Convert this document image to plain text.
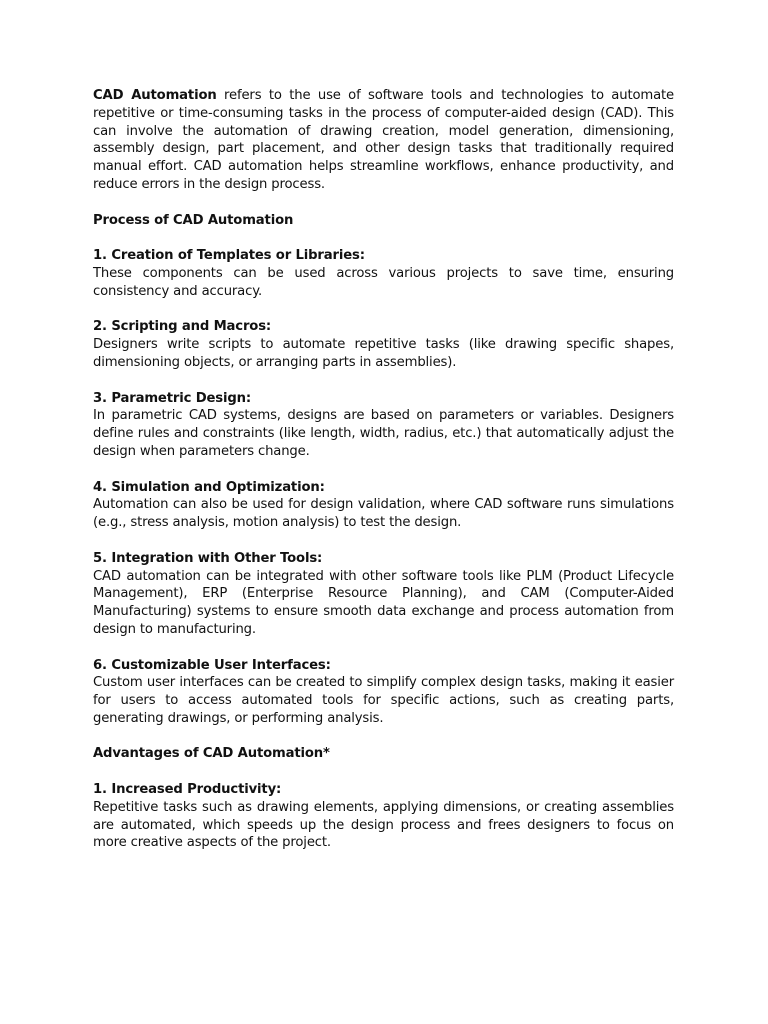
CAD Automation refers to the use of software tools and technologies to automate repetitive or time-consuming tasks in the process of computer-aided design (CAD). This can involve the automation of drawing creation, model generation, dimensioning, assembly design, part placement, and other design tasks that traditionally required manual effort. CAD automation helps streamline workflows, enhance productivity, and reduce errors in the design process.

Process of CAD Automation

1. Creation of Templates or Libraries:

These components can be used across various projects to save time, ensuring consistency and accuracy.

2. Scripting and Macros:

Designers write scripts to automate repetitive tasks (like drawing specific shapes, dimensioning objects, or arranging parts in assemblies).

3. Parametric Design:

In parametric CAD systems, designs are based on parameters or variables. Designers define rules and constraints (like length, width, radius, etc.) that automatically adjust the design when parameters change.

4. Simulation and Optimization:

Automation can also be used for design validation, where CAD software runs simulations (e.g., stress analysis, motion analysis) to test the design.

5. Integration with Other Tools:

CAD automation can be integrated with other software tools like PLM (Product Lifecycle Management), ERP (Enterprise Resource Planning), and CAM (Computer-Aided Manufacturing) systems to ensure smooth data exchange and process automation from design to manufacturing.

6. Customizable User Interfaces:

Custom user interfaces can be created to simplify complex design tasks, making it easier for users to access automated tools for specific actions, such as creating parts, generating drawings, or performing analysis.

Advantages of CAD Automation*

1. Increased Productivity:

Repetitive tasks such as drawing elements, applying dimensions, or creating assemblies are automated, which speeds up the design process and frees designers to focus on more creative aspects of the project.
